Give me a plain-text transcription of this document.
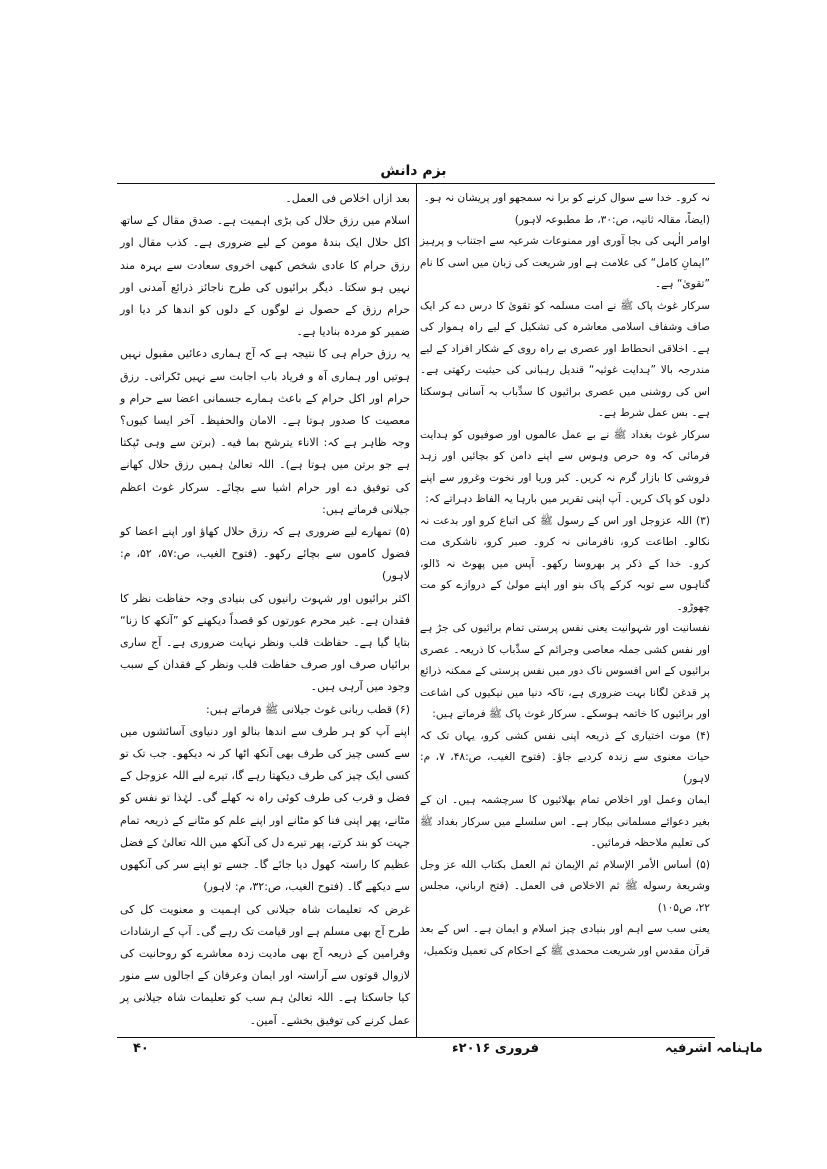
بزم دانش

نہ کرو۔ خدا سے سوال کرنے کو برا نہ سمجھو اور پریشان نہ ہو۔

(ایضاً، مقالہ ثانیہ، ص:۳۰، ط مطبوعہ لاہور)

اوامر الٰہی کی بجا آوری اور ممنوعات شرعیہ سے اجتناب و پرہیز ”ایمانِ کامل“ کی علامت ہے اور شریعت کی زبان میں اسی کا نام ”تقویٰ“ ہے۔

سرکار غوث پاک ﷺ نے امت مسلمہ کو تقویٰ کا درس دے کر ایک صاف وشفاف اسلامی معاشرہ کی تشکیل کے لیے راہ ہموار کی ہے۔ اخلاقی انحطاط اور عصری بے راہ روی کے شکار افراد کے لیے مندرجہ بالا ”ہدایت غوثیہ“ قندیل رہبانی کی حیثیت رکھتی ہے۔ اس کی روشنی میں عصری برائیوں کا سدِّباب بہ آسانی ہوسکتا ہے۔ بس عمل شرط ہے۔

سرکار غوث بغداد ﷺ نے بے عمل عالموں اور صوفیوں کو ہدایت فرمائی کہ وہ حرص وہوس سے اپنے دامن کو بچائیں اور زہد فروشی کا بازار گرم نہ کریں۔ کبر وریا اور نخوت وغرور سے اپنے دلوں کو پاک کریں۔ آپ اپنی تقریر میں بارہا یہ الفاظ دہراتے کہ:

(۳) اللہ عزوجل اور اس کے رسول ﷺ کی اتباع کرو اور بدعت نہ نکالو۔ اطاعت کرو، نافرمانی نہ کرو۔ صبر کرو، ناشکری مت کرو۔ خدا کے ذکر پر بھروسا رکھو۔ آپس میں پھوٹ نہ ڈالو، گناہوں سے توبہ کرکے پاک بنو اور اپنے مولیٰ کے دروازے کو مت چھوڑو۔

نفسانیت اور شہوانیت یعنی نفس پرستی تمام برائیوں کی جڑ ہے اور نفس کشی جملہ معاصی وجرائم کے سدِّباب کا ذریعہ۔ عصری برائیوں کے اس افسوس ناک دور میں نفس پرستی کے ممکنہ ذرائع پر قدغن لگانا بہت ضروری ہے، تاکہ دنیا میں نیکیوں کی اشاعت اور برائیوں کا خاتمہ ہوسکے۔ سرکار غوث پاک ﷺ فرماتے ہیں:

(۴) موت اختیاری کے ذریعہ اپنی نفس کشی کرو، یہاں تک کہ حیات معنوی سے زندہ کردیے جاؤ۔ (فتوح الغیب، ص:۴۸، ۷، م: لاہور)

ایمان وعمل اور اخلاص تمام بھلائیوں کا سرچشمہ ہیں۔ ان کے بغیر دعوائے مسلمانی بیکار ہے۔ اس سلسلے میں سرکار بغداد ﷺ کی تعلیم ملاحظہ فرمائیں۔

(۵) أساس الأمر الإسلام ثم الإيمان ثم العمل بكتاب الله عز وجل وشريعة رسوله ﷺ ثم الاخلاص فى العمل۔ (فتح ارباني، مجلس ۲۲، ص۱۰۵)

یعنی سب سے اہم اور بنیادی چیز اسلام و ایمان ہے۔ اس کے بعد قرآن مقدس اور شریعت محمدی ﷺ کے احکام کی تعمیل وتکمیل،

بعد ازاں اخلاص فی العمل۔

اسلام میں رزق حلال کی بڑی اہمیت ہے۔ صدق مقال کے ساتھ اکل حلال ایک بندۂ مومن کے لیے ضروری ہے۔ کذب مقال اور رزق حرام کا عادی شخص کبھی اخروی سعادت سے بہرہ مند نہیں ہو سکتا۔ دیگر برائیوں کی طرح ناجائز ذرائع آمدنی اور حرام رزق کے حصول نے لوگوں کے دلوں کو اندھا کر دیا اور ضمیر کو مردہ بنادیا ہے۔

یہ رزق حرام ہی کا نتیجہ ہے کہ آج ہماری دعائیں مقبول نہیں ہوتیں اور ہماری آہ و فریاد باب اجابت سے نہیں ٹکراتی۔ رزق حرام اور اکل حرام کے باعث ہمارے جسمانی اعضا سے حرام و معصیت کا صدور ہوتا ہے۔ الامان والحفیظ۔ آخر ایسا کیوں؟ وجہ ظاہر ہے کہ: الاناء يترشح بما فيه۔ (برتن سے وہی ٹپکتا ہے جو برتن میں ہوتا ہے)۔ اللہ تعالیٰ ہمیں رزق حلال کھانے کی توفیق دے اور حرام اشیا سے بچائے۔ سرکار غوث اعظم جیلانی فرماتے ہیں:

(۵) تمھارے لیے ضروری ہے کہ رزق حلال کھاؤ اور اپنے اعضا کو فضول کاموں سے بچائے رکھو۔ (فتوح الغیب، ص:۵۷، ۵۲، م: لاہور)

اکثر برائیوں اور شہوت رانیوں کی بنیادی وجہ حفاظت نظر کا فقدان ہے۔ غیر محرم عورتوں کو قصداً دیکھنے کو ”آنکھ کا زنا“ بتایا گیا ہے۔ حفاظت قلب ونظر نہایت ضروری ہے۔ آج ساری برائیاں صرف اور صرف حفاظت قلب ونظر کے فقدان کے سبب وجود میں آرہی ہیں۔

(۶) قطب ربانی غوث جیلانی ﷺ فرماتے ہیں:

اپنے آپ کو ہر طرف سے اندھا بنالو اور دنیاوی آسائشوں میں سے کسی چیز کی طرف بھی آنکھ اٹھا کر نہ دیکھو۔ جب تک تو کسی ایک چیز کی طرف دیکھتا رہے گا، تیرے لیے اللہ عزوجل کے فضل و قرب کی طرف کوئی راہ نہ کھلے گی۔ لہٰذا تو نفس کو مٹانے، پھر اپنی فنا کو مٹانے اور اپنے علم کو مٹانے کے ذریعہ تمام جہت کو بند کرتے، پھر تیرے دل کی آنکھ میں اللہ تعالیٰ کے فضل عظیم کا راستہ کھول دیا جائے گا۔ جسے تو اپنے سر کی آنکھوں سے دیکھے گا۔ (فتوح الغیب، ص:۳۲، م: لاہور)

غرض کہ تعلیمات شاہ جیلانی کی اہمیت و معنویت کل کی طرح آج بھی مسلم ہے اور قیامت تک رہے گی۔ آپ کے ارشادات وفرامین کے ذریعہ آج بھی مادیت زدہ معاشرے کو روحانیت کی لازوال قوتوں سے آراستہ اور ایمان وعرفان کے اجالوں سے منور کیا جاسکتا ہے۔ اللہ تعالیٰ ہم سب کو تعلیمات شاہ جیلانی پر عمل کرنے کی توفیق بخشے۔ آمین۔

ماہنامہ اشرفیہ
فروری ۲۰۱۶ء
۴۰
